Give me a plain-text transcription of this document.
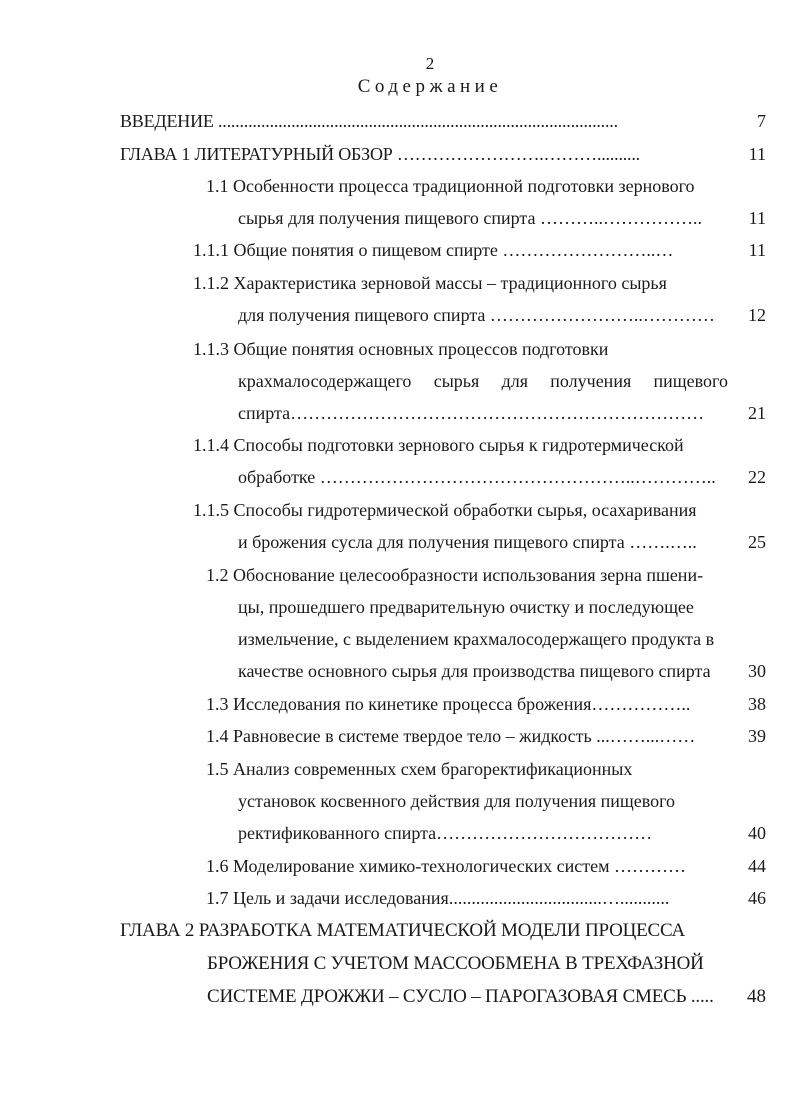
2
Содержание
ВВЕДЕНИЕ .............................................................................................	7
ГЛАВА 1 ЛИТЕРАТУРНЫЙ ОБЗОР …………………….………..........	11
1.1 Особенности процесса традиционной подготовки зернового
сырья для получения пищевого спирта ………..……………..	11
1.1.1 Общие понятия о пищевом спирте ……………………..…	11
1.1.2 Характеристика зерновой массы – традиционного сырья
для получения пищевого спирта ……………………..………… 12
1.1.3 Общие понятия основных процессов подготовки
крахмалосодержащего сырья для получения пищевого
спирта…………………………………………………………… 21
1.1.4 Способы подготовки зернового сырья к гидротермической
обработке ……………………………………………..………….. 22
1.1.5 Способы гидротермической обработки сырья, осахаривания
и брожения сусла для получения пищевого спирта …….…..	25
1.2 Обоснование целесообразности использования зерна пшени-
цы, прошедшего предварительную очистку и последующее
измельчение, с выделением крахмалосодержащего продукта в
качестве основного сырья для производства пищевого спирта 30
1.3 Исследования по кинетике процесса брожения……………..	38
1.4 Равновесие в системе твердое тело – жидкость ...……...……	39
1.5 Анализ современных схем брагоректификационных
установок косвенного действия для получения пищевого
ректификованного спирта………………………………	40
1.6 Моделирование химико-технологических систем …………	44
1.7 Цель и задачи исследования..................................…...........	46
ГЛАВА 2 РАЗРАБОТКА МАТЕМАТИЧЕСКОЙ МОДЕЛИ ПРОЦЕССА
БРОЖЕНИЯ С УЧЕТОМ МАССООБМЕНА В ТРЕХФАЗНОЙ
СИСТЕМЕ ДРОЖЖИ – СУСЛО – ПАРОГАЗОВАЯ СМЕСЬ ..... 48
